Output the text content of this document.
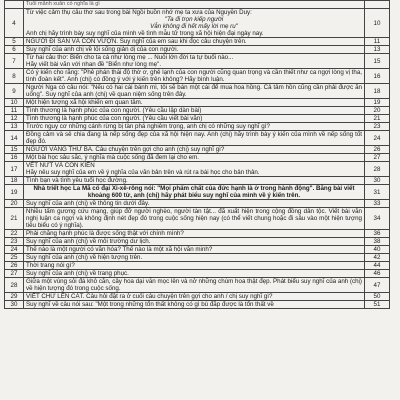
	Tuổi mãnh xuân có nghĩa là gì	

4	Từ việc cảm thụ câu thơ sau trong bài Ngồi buồn nhớ mẹ ta xưa của Nguyễn Duy:
"Ta đi trọn kiếp người
Vẫn không đi hết mấy lời mẹ ru"
Anh chị hãy trình bày suy nghĩ của mình về tình mẫu tử trong xã hội hiện đại ngày nay.	10
5	NGƯỜI ĐI SĂN VÀ CON VƯỢN. Suy nghĩ của em sau khi đọc câu chuyện trên.	11
6	Suy nghĩ của anh chị về lối sống giản dị của con người.	13
7	Từ hai câu thơ: Biển cho ta cá như lòng mẹ ... Nuôi lớn đời ta tự buổi nào...
Hãy viết bài văn với nhan đề "Biển như lòng mẹ".	15
8	Có ý kiến cho rằng: "Phê phán thái độ thờ ơ, ghẻ lạnh của con người cũng quan trọng và cần thiết như ca ngợi lòng vị tha, tình đoàn kết". Anh (chị) có đồng ý với ý kiến trên không? Hãy bình luận.	16
9	Người Nga có câu nói: "Nếu có hai cái bánh mì, tôi sẽ bán một cái để mua hoa hồng. Cả tâm hồn cũng cần phải được ăn uống". Suy nghĩ của anh (chị) về quan niệm sống trên đây.	18
10	Một hiện tượng xã hội khiến em quan tâm.	19
11	Tình thương là hạnh phúc của con người. (Yêu cầu lập dàn bài)	20
12	Tình thương là hạnh phúc của con người. (Yêu cầu viết bài văn)	21
13	Trước nguy cơ những cánh rừng bị tàn phá nghiêm trọng, anh chị có những suy nghĩ gì?	23
14	Đồng cảm và sẻ chia đang là nếp sống đẹp của xã hội hiện nay. Anh (chị) hãy trình bày ý kiến của mình về nếp sống tốt đẹp đó.	24
15	NGƯỜI VÀNG THỨ BA. Câu chuyện trên gợi cho anh (chị) suy nghĩ gì?	26
16	Một bài học sâu sắc, ý nghĩa mà cuộc sống đã đem lại cho em.	27
17	VẾT NỨT VÀ CON KIẾN
Hãy nêu suy nghĩ của em về ý nghĩa của văn bản trên và rút ra bài học cho bản thân.	28
18	Tình bạn và tình yêu tuổi học đường.	30
19	Nhà triết học La Mã cổ đại Xi-xê-rông nói: "Mọi phẩm chất của đức hạnh là ở trong hành động". Bằng bài viết khoảng 600 từ, anh (chị) hãy phát biểu suy nghĩ của mình về ý kiến trên.	31
20	Suy nghĩ của anh (chị) về thông tin dưới đây.	33
21	Nhiều tấm gương cứu mạng, giúp đỡ người nghèo, người tàn tật... đã xuất hiện trong cộng đồng dân tộc. Viết bài văn nghị luận ca ngợi và không định nét đẹp đó trong cuộc sống hiện nay (có thể viết chung hoặc đi sâu vào một hiện tượng tiêu biểu có ý nghĩa).	34
22	Phải chăng hạnh phúc là được sống thật với chính mình?	36
23	Suy nghĩ của anh (chị) về môi trường dư lịch.	38
24	Thế nào là một người có văn hóa? Thế nào là một xã hội văn minh?	40
25	Suy nghĩ của anh (chị) về hiện tượng trên.	42
26	Thời trang nói gì?	44
27	Suy nghĩ của anh (chị) về trang phục.	46
28	Giữa một vùng sỏi đá khô cằn, cây hoa dại vẫn mọc lên và nở những chùm hoa thật đẹp. Phát biểu suy nghĩ của anh (chị) về hiện tượng đó trong cuộc sống.	47
29	VIẾT CHỮ LÊN CÁT. Câu hỏi đặt ra ở cuối câu chuyện trên gợi cho anh / chị suy nghĩ gì?	50
30	Suy nghĩ về câu nói sau: "Một trong những tổn thất không có gì bù đắp được là tổn thất về	51
